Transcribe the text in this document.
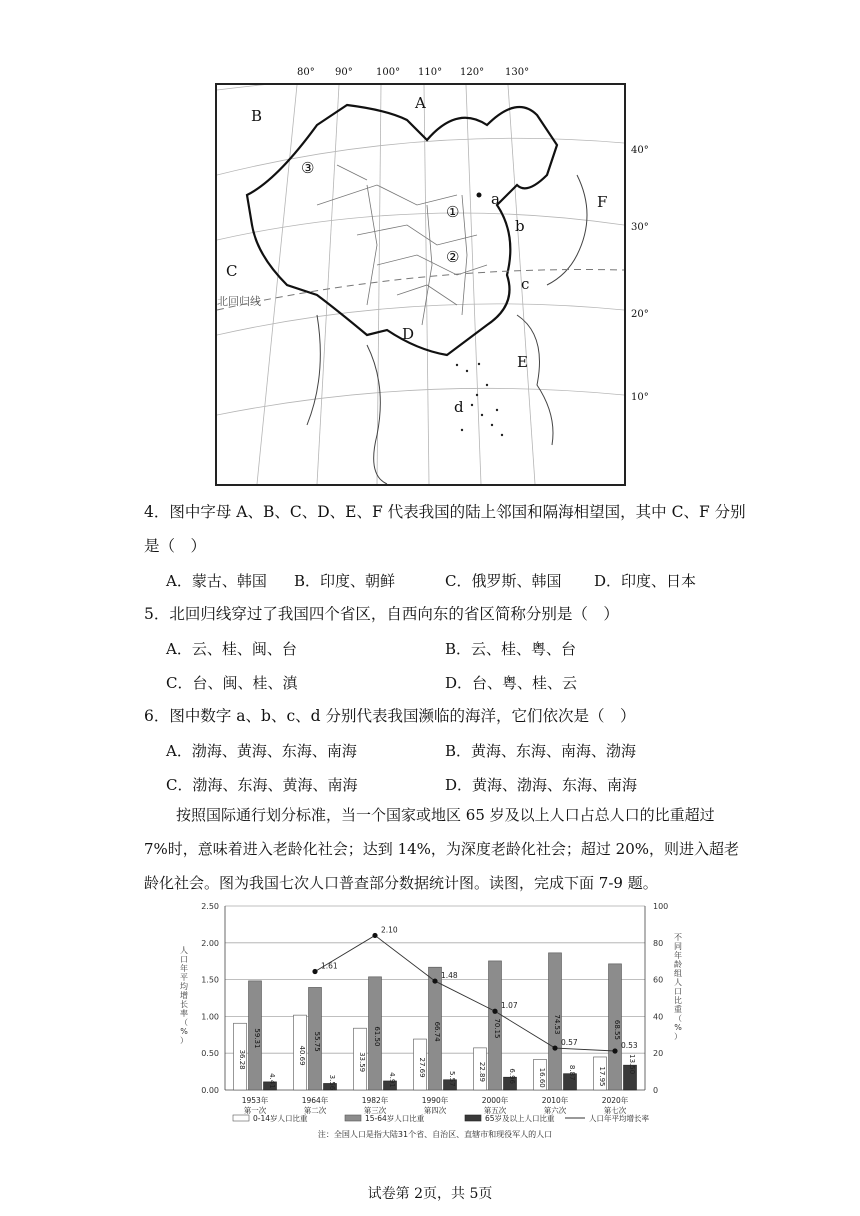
80° 90° 100° 110° 120° 130°
40°
30°
20°
10°
A
B
C
D
E
F
a
b
c
d
①
②
③
北回归线
4．图中字母 A、B、C、D、E、F 代表我国的陆上邻国和隔海相望国，其中 C、F 分别
是（　）
A．蒙古、韩国 B．印度、朝鲜	C．俄罗斯、韩国 D．印度、日本
5．北回归线穿过了我国四个省区，自西向东的省区简称分别是（　）
A．云、桂、闽、台	B．云、桂、粤、台
C．台、闽、桂、滇	D．台、粤、桂、云
6．图中数字 a、b、c、d 分别代表我国濒临的海洋，它们依次是（　）
A．渤海、黄海、东海、南海	B．黄海、东海、南海、渤海
C．渤海、东海、黄海、南海	D．黄海、渤海、东海、南海
按照国际通行划分标准，当一个国家或地区 65 岁及以上人口占总人口的比重超过
7%时，意味着进入老龄化社会；达到 14%，为深度老龄化社会；超过 20%，则进入超老
龄化社会。图为我国七次人口普查部分数据统计图。读图，完成下面 7-9 题。
0.00
0.50
1.00
1.50
2.00
2.50
0
20
40
60
80
100
人口年平均增长率（%）
不同年龄组人口比重（%）
36.28
59.31
4.41
1953年
第一次
40.69
55.75
3.56
1964年
第二次
33.59
61.50
4.91
1982年
第三次
27.69
66.74
5.57
1990年
第四次
22.89
70.15
6.96
2000年
第五次
16.60
74.53
8.87
2010年
第六次
17.95
68.55
13.50
2020年
第七次
1.61
2.10
1.48
1.07
0.57	0.53
0-14岁人口比重	15-64岁人口比重	65岁及以上人口比重	人口年平均增长率
注：全国人口是指大陆31个省、自治区、直辖市和现役军人的人口
试卷第 2页，共 5页
